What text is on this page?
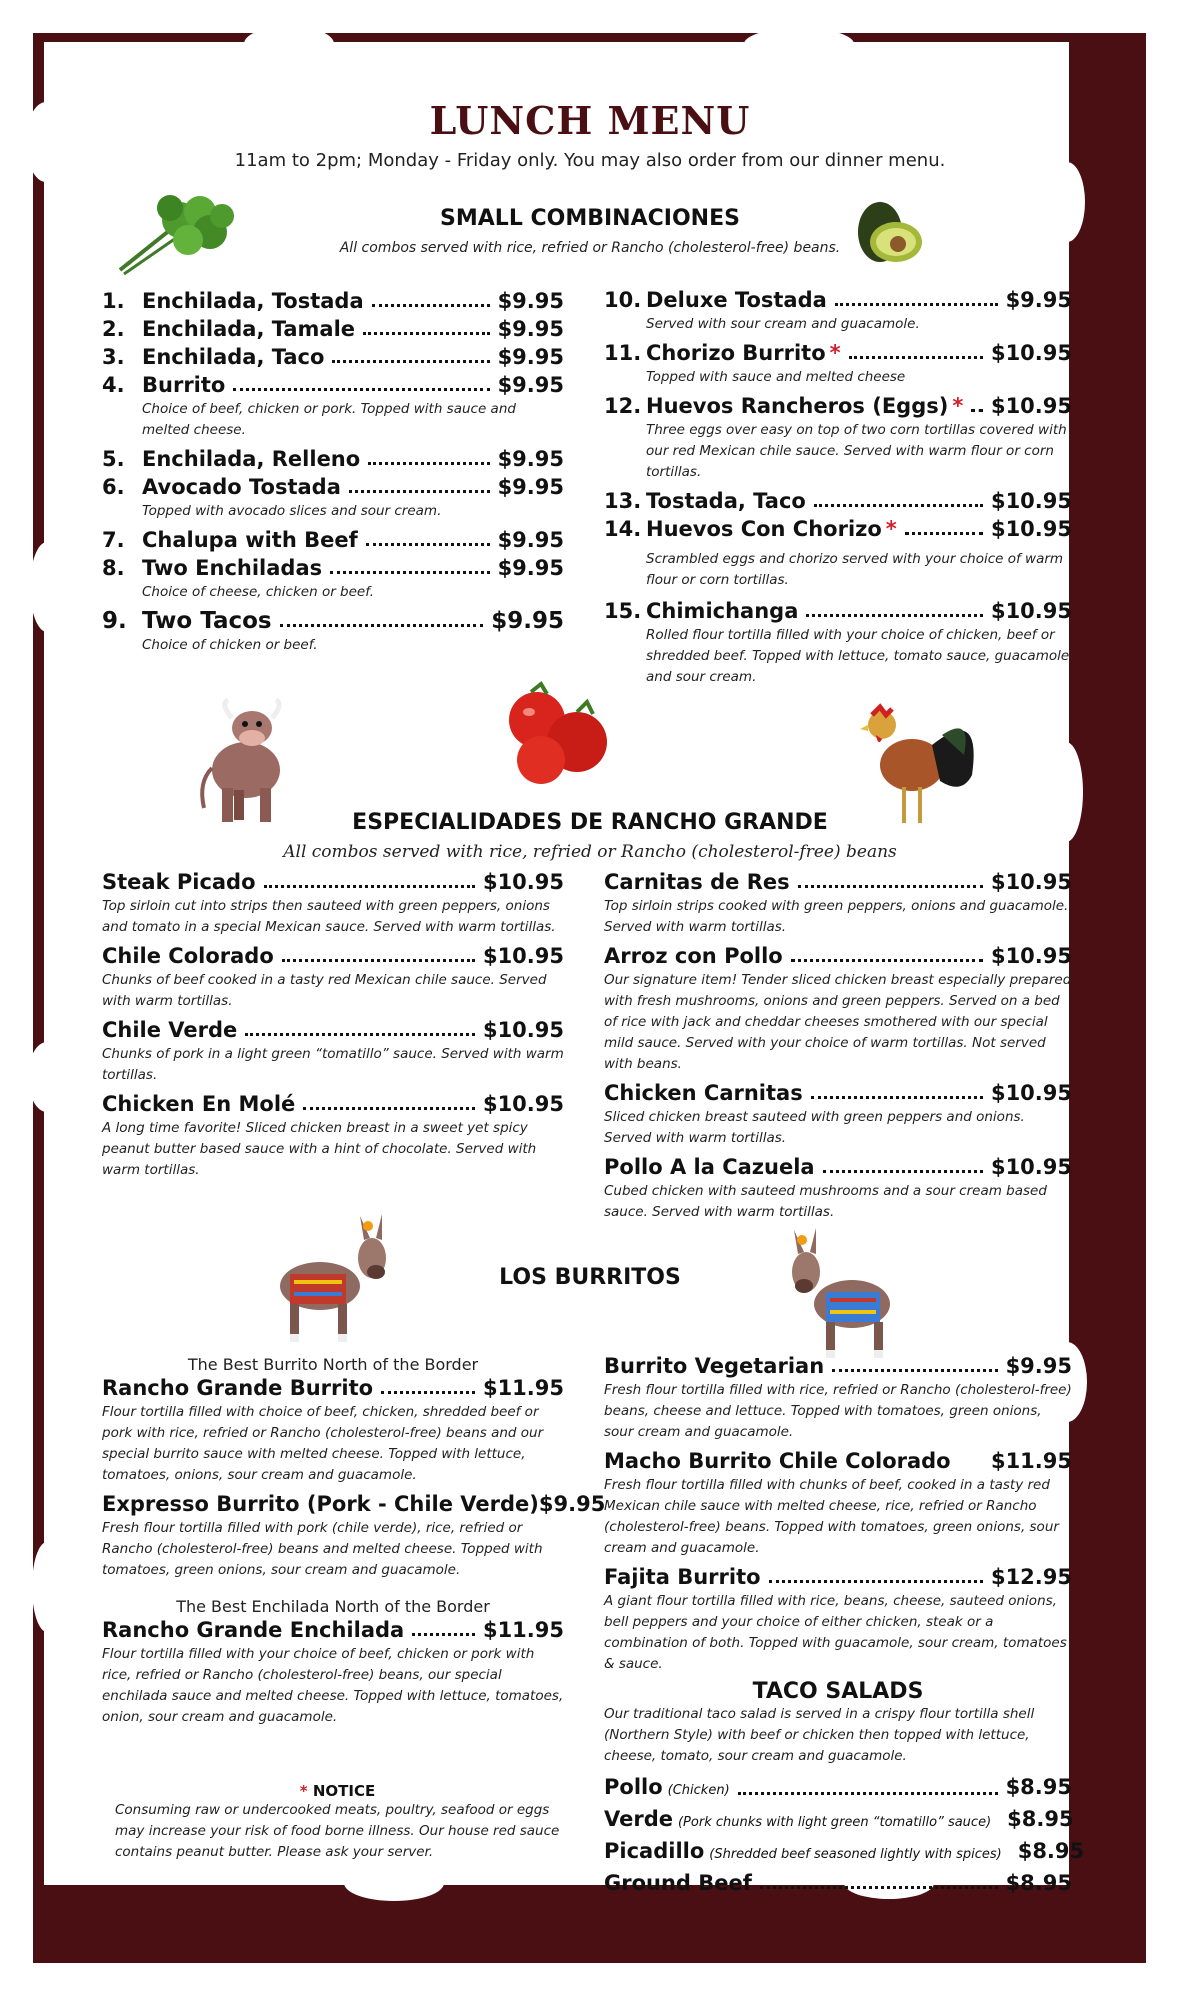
LUNCH MENU
11am to 2pm; Monday - Friday only. You may also order from our dinner menu.
SMALL COMBINACIONES
All combos served with rice, refried or Rancho (cholesterol-free) beans.
1. Enchilada, Tostada	$9.95
2. Enchilada, Tamale	$9.95
3. Enchilada, Taco	$9.95
4. Burrito	$9.95
Choice of beef, chicken or pork. Topped with sauce and melted cheese.
5. Enchilada, Relleno	$9.95
6. Avocado Tostada	$9.95
Topped with avocado slices and sour cream.
7. Chalupa with Beef	$9.95
8. Two Enchiladas	$9.95
Choice of cheese, chicken or beef.
9. Two Tacos	$9.95
Choice of chicken or beef.
10. Deluxe Tostada	$9.95
Served with sour cream and guacamole.
11. Chorizo Burrito *	$10.95
Topped with sauce and melted cheese
12. Huevos Rancheros (Eggs) * $10.95
Three eggs over easy on top of two corn tortillas covered with our red Mexican chile sauce. Served with warm flour or corn tortillas.
13. Tostada, Taco	$10.95
14. Huevos Con Chorizo *	$10.95
Scrambled eggs and chorizo served with your choice of warm flour or corn tortillas.
15. Chimichanga	$10.95
Rolled flour tortilla filled with your choice of chicken, beef or shredded beef. Topped with lettuce, tomato sauce, guacamole and sour cream.
ESPECIALIDADES DE RANCHO GRANDE
All combos served with rice, refried or Rancho (cholesterol-free) beans
Steak Picado	$10.95
Top sirloin cut into strips then sauteed with green peppers, onions and tomato in a special Mexican sauce. Served with warm tortillas.
Chile Colorado	$10.95
Chunks of beef cooked in a tasty red Mexican chile sauce. Served with warm tortillas.
Chile Verde	$10.95
Chunks of pork in a light green “tomatillo” sauce. Served with warm tortillas.
Chicken En Molé	$10.95
A long time favorite! Sliced chicken breast in a sweet yet spicy peanut butter based sauce with a hint of chocolate. Served with warm tortillas.
Carnitas de Res	$10.95
Top sirloin strips cooked with green peppers, onions and guacamole. Served with warm tortillas.
Arroz con Pollo	$10.95
Our signature item! Tender sliced chicken breast especially prepared with fresh mushrooms, onions and green peppers. Served on a bed of rice with jack and cheddar cheeses smothered with our special mild sauce. Served with your choice of warm tortillas. Not served with beans.
Chicken Carnitas	$10.95
Sliced chicken breast sauteed with green peppers and onions. Served with warm tortillas.
Pollo A la Cazuela	$10.95
Cubed chicken with sauteed mushrooms and a sour cream based sauce. Served with warm tortillas.
LOS BURRITOS
The Best Burrito North of the Border
Rancho Grande Burrito	$11.95
Flour tortilla filled with choice of beef, chicken, shredded beef or pork with rice, refried or Rancho (cholesterol-free) beans and our special burrito sauce with melted cheese. Topped with lettuce, tomatoes, onions, sour cream and guacamole.
Expresso Burrito (Pork - Chile Verde) $9.95
Fresh flour tortilla filled with pork (chile verde), rice, refried or Rancho (cholesterol-free) beans and melted cheese. Topped with tomatoes, green onions, sour cream and guacamole.
The Best Enchilada North of the Border
Rancho Grande Enchilada	$11.95
Flour tortilla filled with your choice of beef, chicken or pork with rice, refried or Rancho (cholesterol-free) beans, our special enchilada sauce and melted cheese. Topped with lettuce, tomatoes, onion, sour cream and guacamole.
* NOTICE
Consuming raw or undercooked meats, poultry, seafood or eggs may increase your risk of food borne illness. Our house red sauce contains peanut butter. Please ask your server.
Burrito Vegetarian	$9.95
Fresh flour tortilla filled with rice, refried or Rancho (cholesterol-free) beans, cheese and lettuce. Topped with tomatoes, green onions, sour cream and guacamole.
Macho Burrito Chile Colorado $11.95
Fresh flour tortilla filled with chunks of beef, cooked in a tasty red Mexican chile sauce with melted cheese, rice, refried or Rancho (cholesterol-free) beans. Topped with tomatoes, green onions, sour cream and guacamole.
Fajita Burrito	$12.95
A giant flour tortilla filled with rice, beans, cheese, sauteed onions, bell peppers and your choice of either chicken, steak or a combination of both. Topped with guacamole, sour cream, tomatoes & sauce.
TACO SALADS
Our traditional taco salad is served in a crispy flour tortilla shell (Northern Style) with beef or chicken then topped with lettuce, cheese, tomato, sour cream and guacamole.
Pollo (Chicken)	$8.95
Verde (Pork chunks with light green “tomatillo” sauce) $8.95
Picadillo (Shredded beef seasoned lightly with spices) $8.95
Ground Beef	$8.95
